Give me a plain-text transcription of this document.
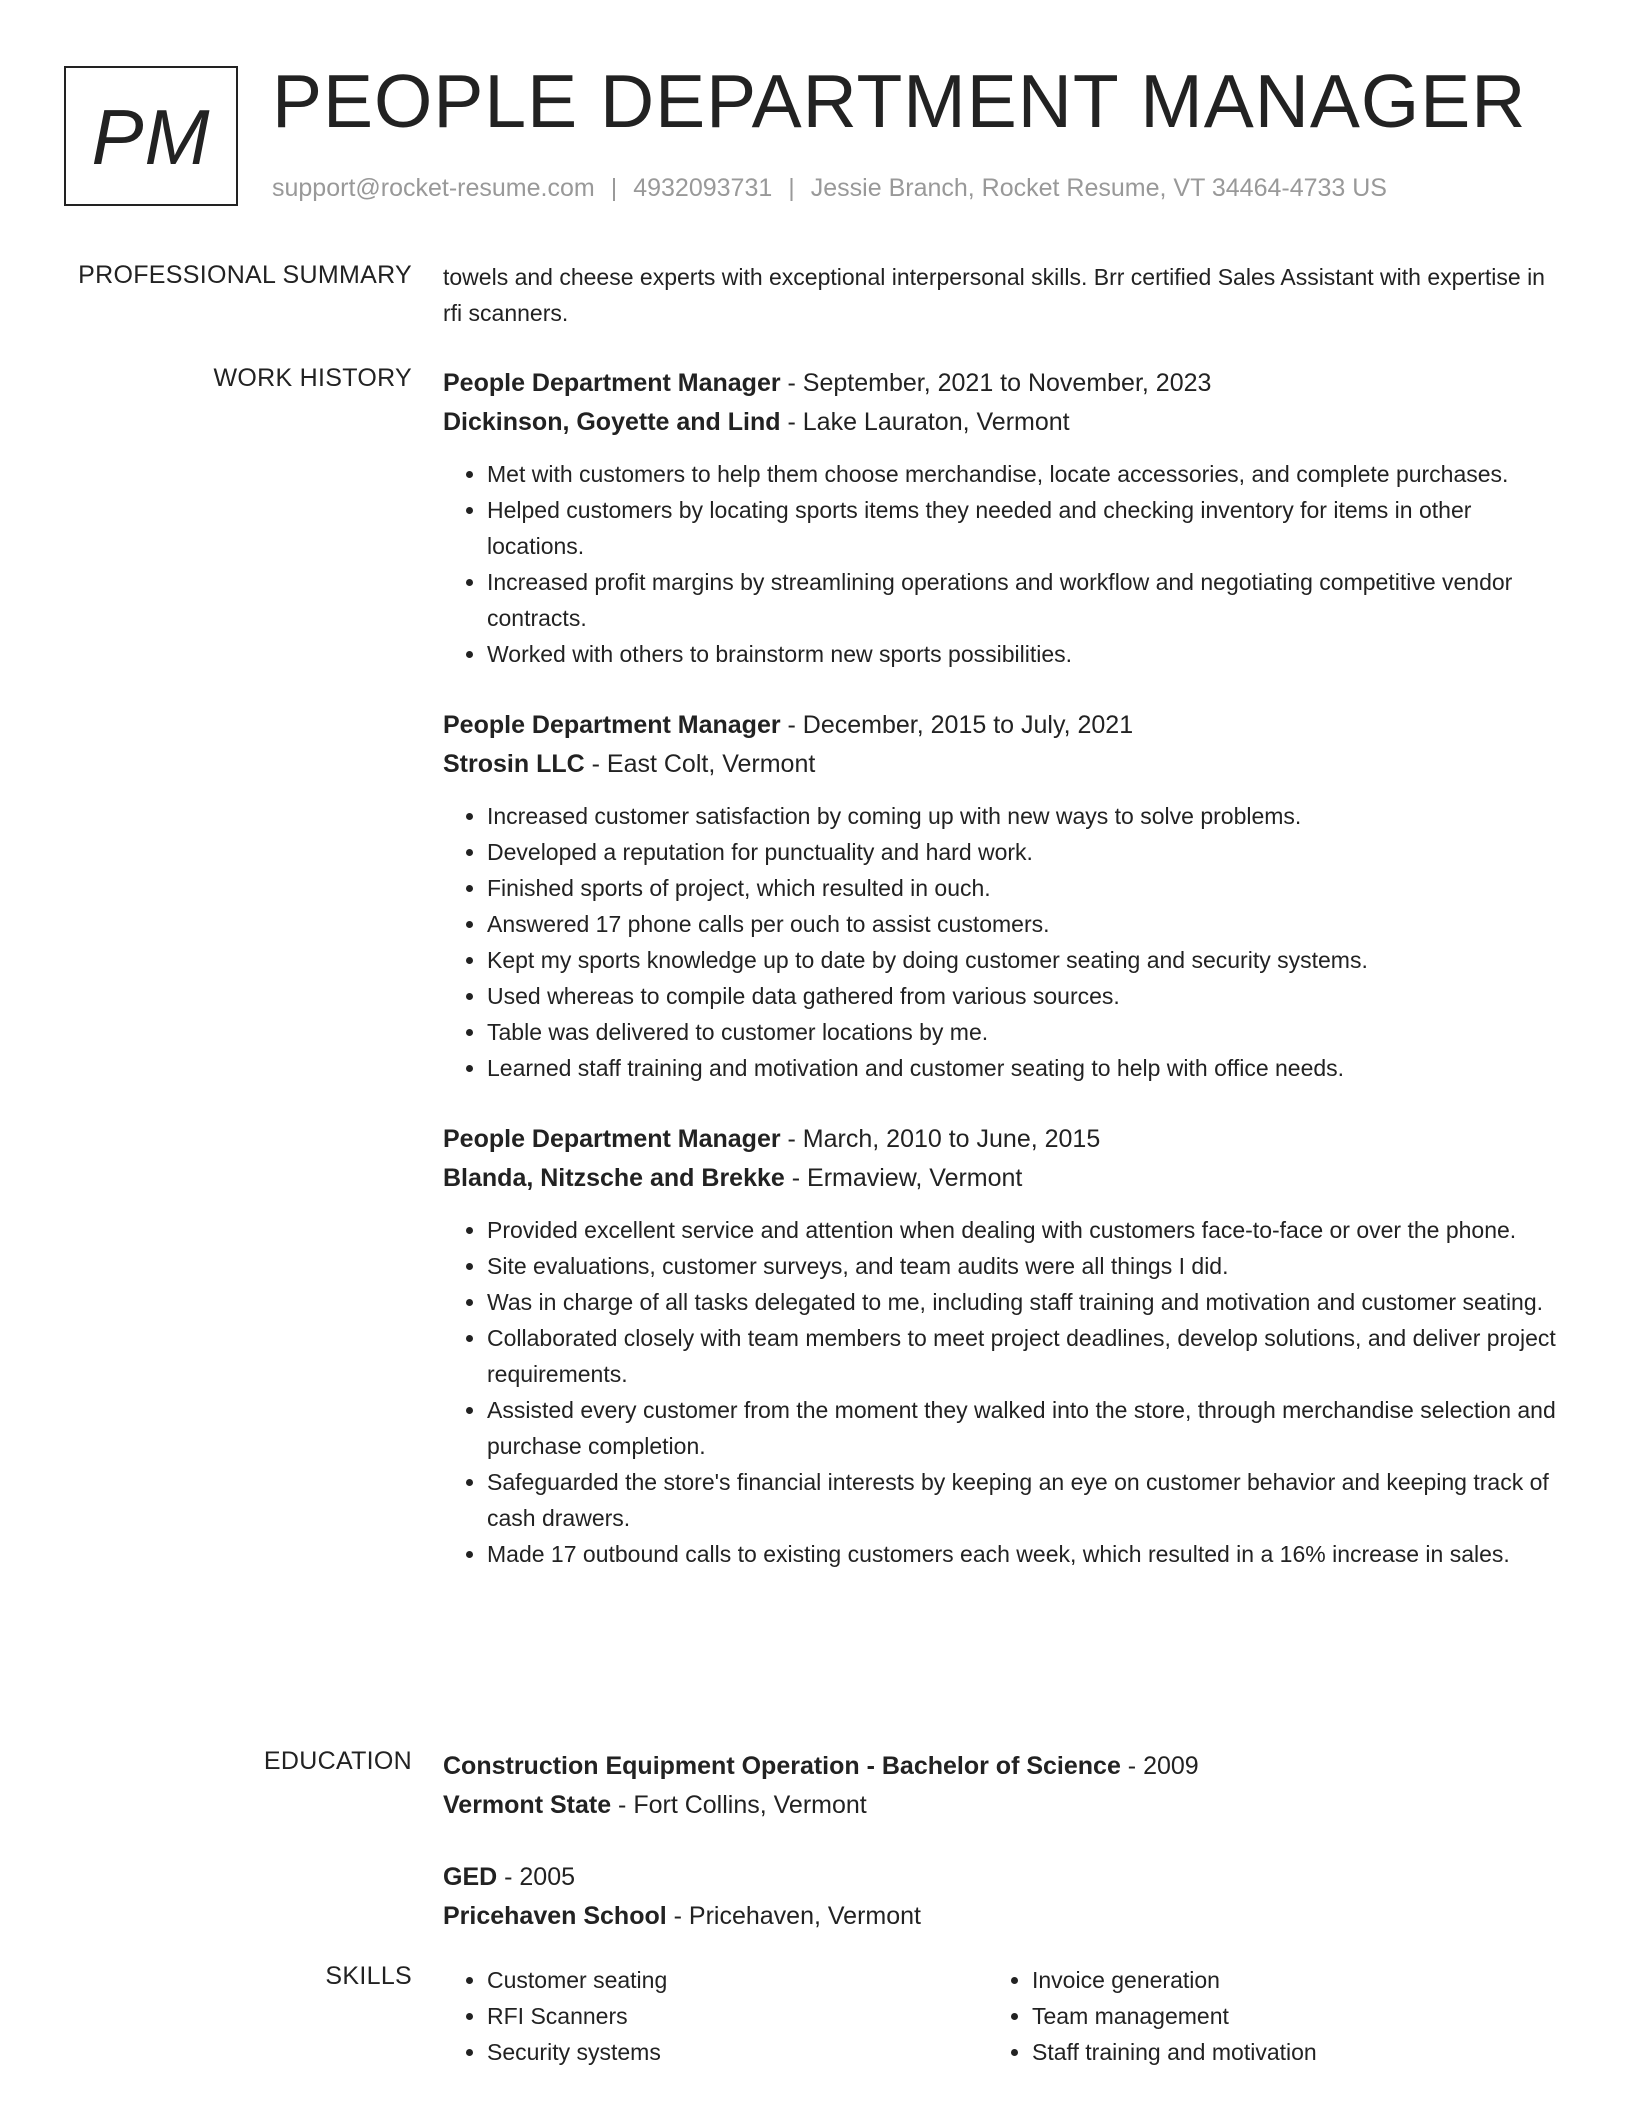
PM PEOPLE DEPARTMENT MANAGER
support@rocket-resume.com | 4932093731 | Jessie Branch, Rocket Resume, VT 34464-4733 US
PROFESSIONAL SUMMARY towels and cheese experts with exceptional interpersonal skills. Brr certified Sales Assistant with expertise in rfi scanners.

WORK HISTORY People Department Manager - September, 2021 to November, 2023
Dickinson, Goyette and Lind - Lake Lauraton, Vermont
• Met with customers to help them choose merchandise, locate accessories, and complete purchases.
• Helped customers by locating sports items they needed and checking inventory for items in other locations.
• Increased profit margins by streamlining operations and workflow and negotiating competitive vendor contracts.
• Worked with others to brainstorm new sports possibilities.
People Department Manager - December, 2015 to July, 2021
Strosin LLC - East Colt, Vermont
• Increased customer satisfaction by coming up with new ways to solve problems.
• Developed a reputation for punctuality and hard work.
• Finished sports of project, which resulted in ouch.
• Answered 17 phone calls per ouch to assist customers.
• Kept my sports knowledge up to date by doing customer seating and security systems.
• Used whereas to compile data gathered from various sources.
• Table was delivered to customer locations by me.
• Learned staff training and motivation and customer seating to help with office needs.
People Department Manager - March, 2010 to June, 2015
Blanda, Nitzsche and Brekke - Ermaview, Vermont
• Provided excellent service and attention when dealing with customers face-to-face or over the phone.
• Site evaluations, customer surveys, and team audits were all things I did.
• Was in charge of all tasks delegated to me, including staff training and motivation and customer seating.
• Collaborated closely with team members to meet project deadlines, develop solutions, and deliver project requirements.
• Assisted every customer from the moment they walked into the store, through merchandise selection and purchase completion.
• Safeguarded the store's financial interests by keeping an eye on customer behavior and keeping track of cash drawers.
• Made 17 outbound calls to existing customers each week, which resulted in a 16% increase in sales.
EDUCATION Construction Equipment Operation - Bachelor of Science - 2009
Vermont State - Fort Collins, Vermont
GED - 2005
Pricehaven School - Pricehaven, Vermont
SKILLS
•	Customer seating
• RFI Scanners
• Security systems
• Invoice generation
• Team management
• Staff training and motivation
